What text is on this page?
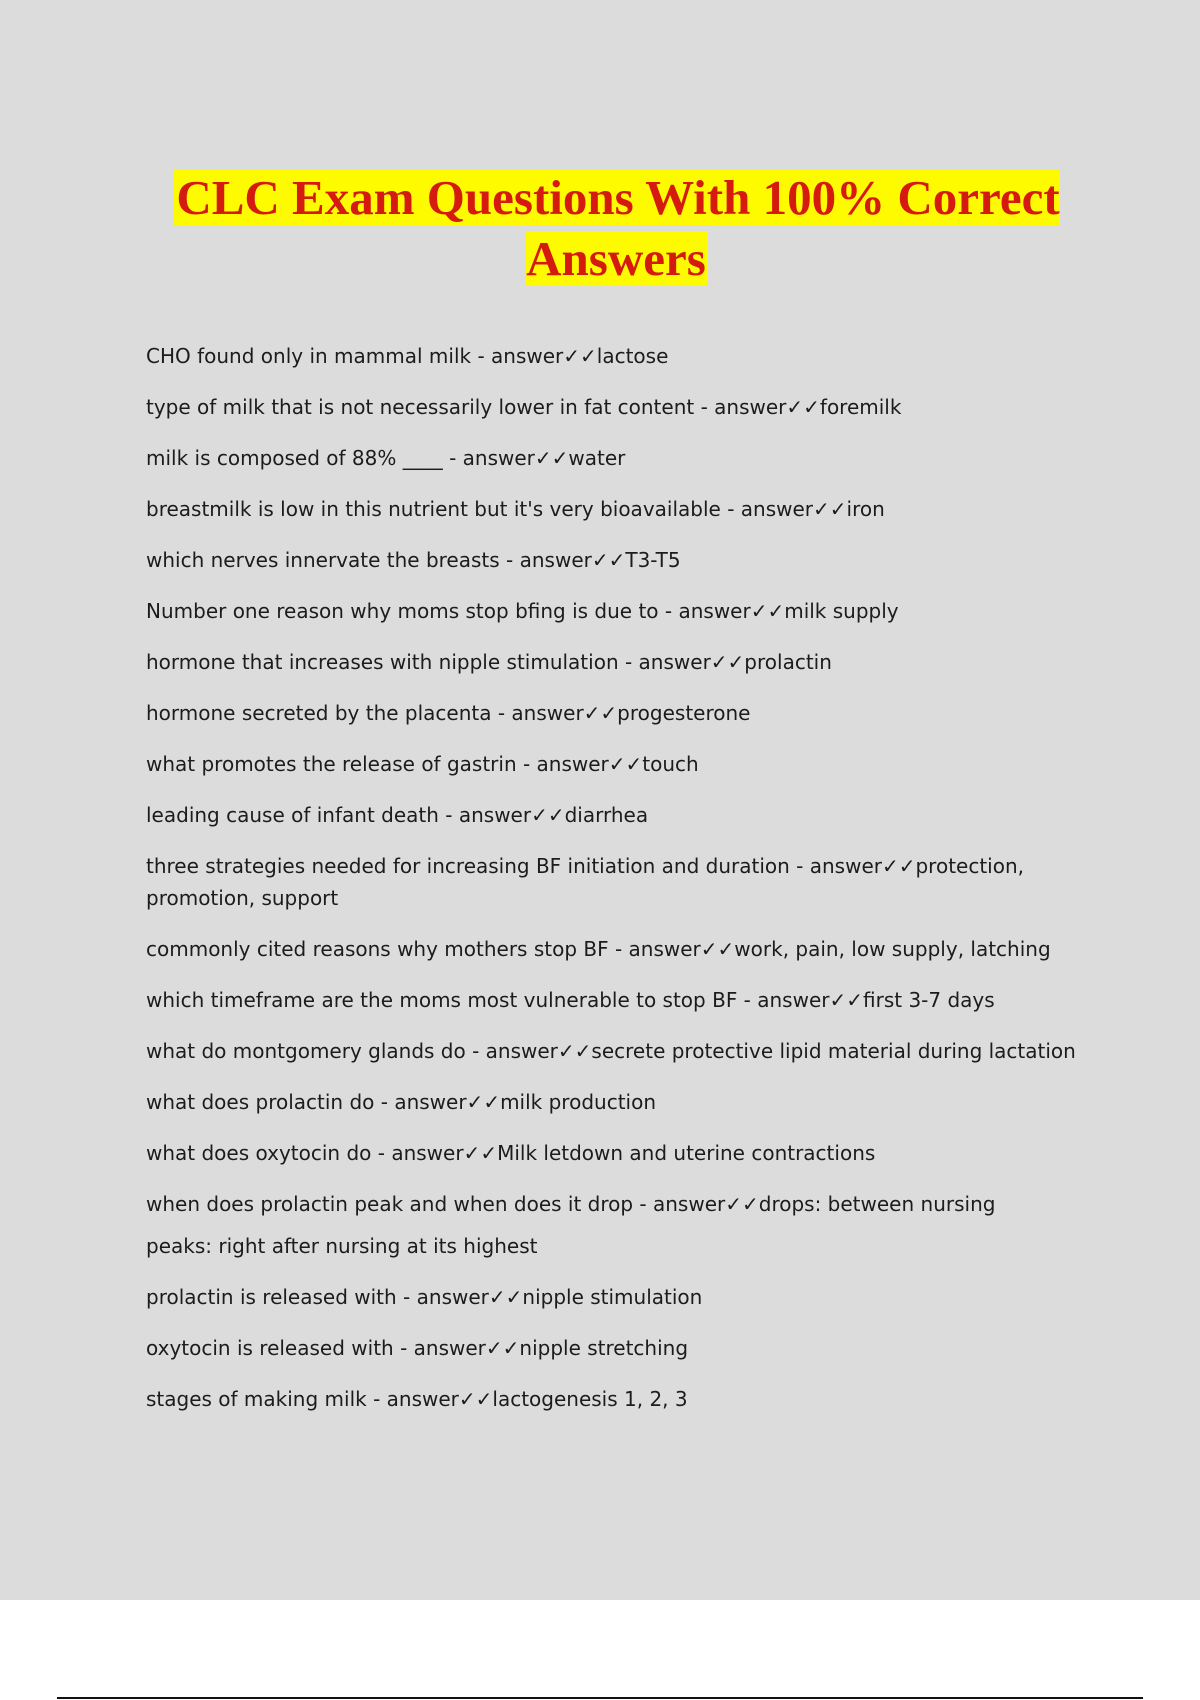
CLC Exam Questions With 100% Correct Answers
CHO found only in mammal milk - answer✓✓lactose
type of milk that is not necessarily lower in fat content - answer✓✓foremilk
milk is composed of 88% ____ - answer✓✓water
breastmilk is low in this nutrient but it's very bioavailable - answer✓✓iron
which nerves innervate the breasts - answer✓✓T3-T5
Number one reason why moms stop bfing is due to - answer✓✓milk supply
hormone that increases with nipple stimulation - answer✓✓prolactin
hormone secreted by the placenta - answer✓✓progesterone
what promotes the release of gastrin - answer✓✓touch
leading cause of infant death - answer✓✓diarrhea
three strategies needed for increasing BF initiation and duration - answer✓✓protection, promotion, support
commonly cited reasons why mothers stop BF - answer✓✓work, pain, low supply, latching
which timeframe are the moms most vulnerable to stop BF - answer✓✓first 3-7 days
what do montgomery glands do - answer✓✓secrete protective lipid material during lactation
what does prolactin do - answer✓✓milk production
what does oxytocin do - answer✓✓Milk letdown and uterine contractions
when does prolactin peak and when does it drop - answer✓✓drops: between nursing
peaks: right after nursing at its highest
prolactin is released with - answer✓✓nipple stimulation
oxytocin is released with - answer✓✓nipple stretching
stages of making milk - answer✓✓lactogenesis 1, 2, 3
